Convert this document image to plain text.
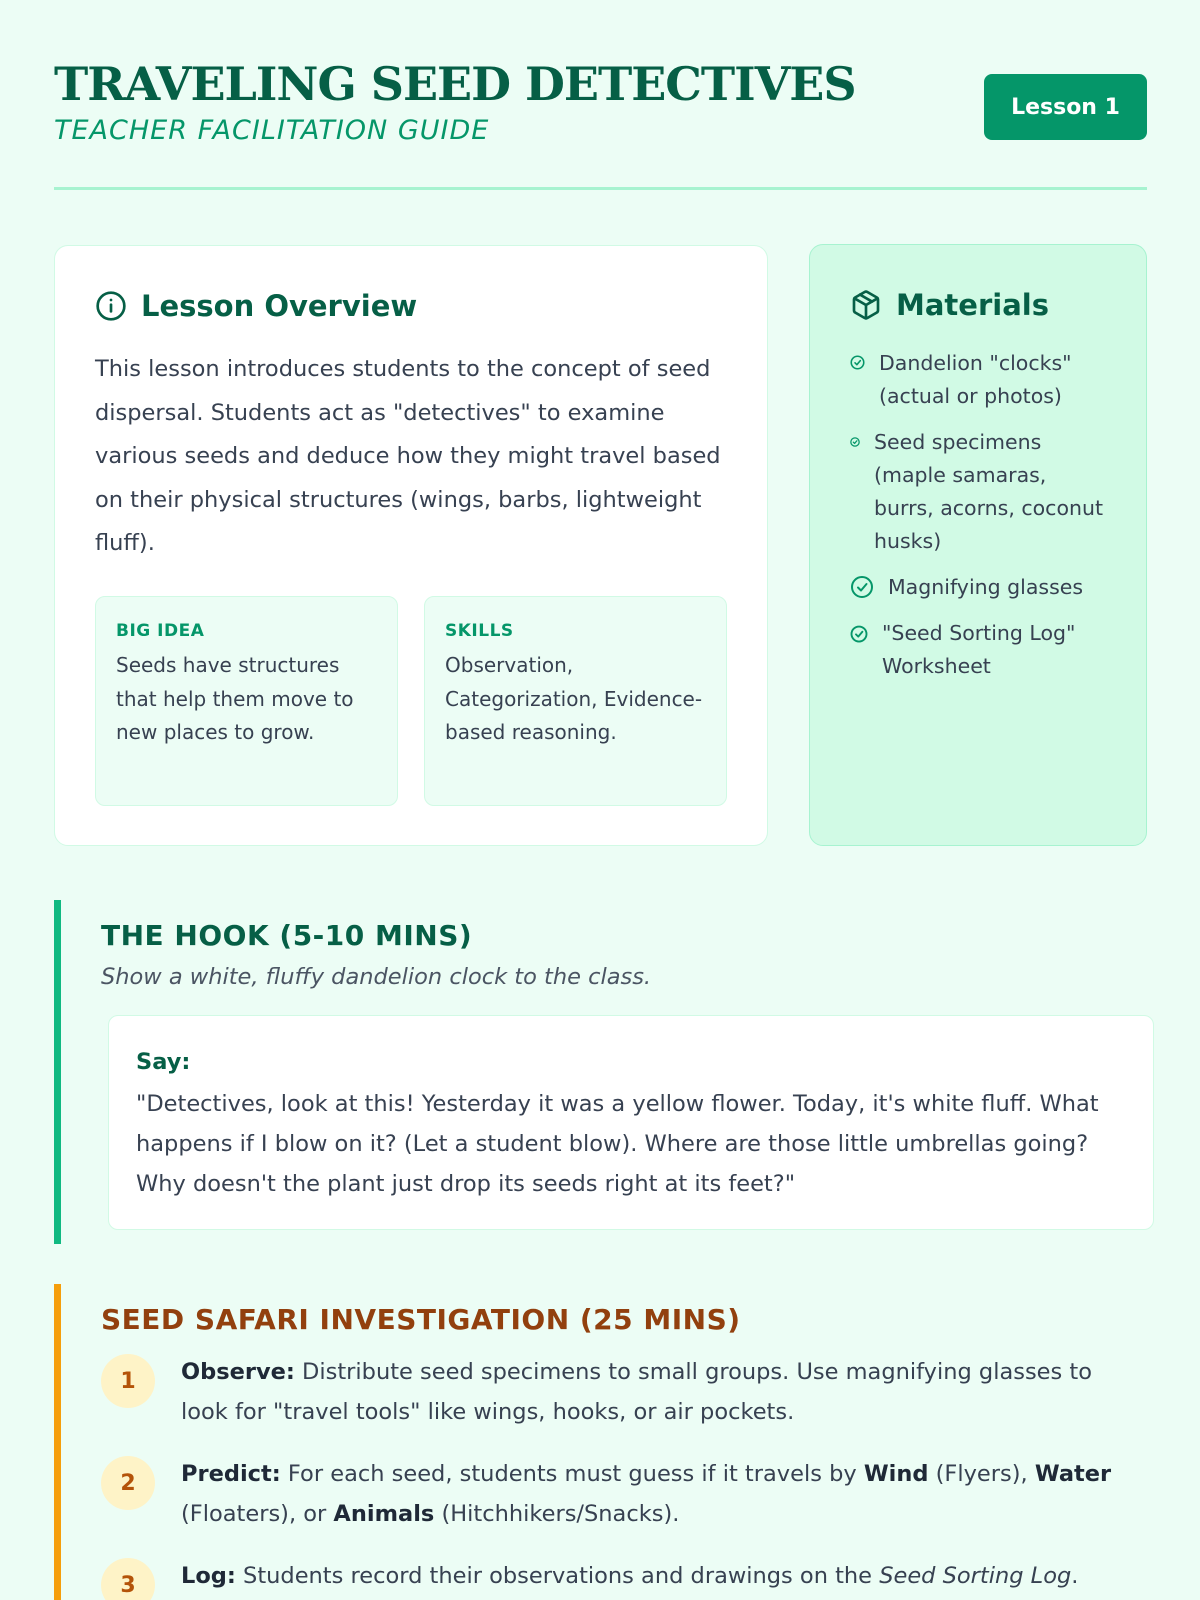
TRAVELING SEED DETECTIVES
TEACHER FACILITATION GUIDE
Lesson 1
Lesson Overview

This lesson introduces students to the concept of seed dispersal. Students act as "detectives" to examine various seeds and deduce how they might travel based on their physical structures (wings, barbs, lightweight fluff).

BIG IDEA
Seeds have structures that help them move to new places to grow.
SKILLS
Observation, Categorization, Evidence-based reasoning.
Materials
Dandelion "clocks" (actual or photos)
Seed specimens (maple samaras, burrs, acorns, coconut husks)
Magnifying glasses
"Seed Sorting Log" Worksheet
THE HOOK (5-10 MINS)
Show a white, fluffy dandelion clock to the class.
Say:
"Detectives, look at this! Yesterday it was a yellow flower. Today, it's white fluff. What happens if I blow on it? (Let a student blow). Where are those little umbrellas going? Why doesn't the plant just drop its seeds right at its feet?"
SEED SAFARI INVESTIGATION (25 MINS)
1	Observe: Distribute seed specimens to small groups. Use magnifying glasses to look for "travel tools" like wings, hooks, or air pockets.
2	Predict: For each seed, students must guess if it travels by Wind (Flyers), Water (Floaters), or Animals (Hitchhikers/Snacks).
3	Log: Students record their observations and drawings on the Seed Sorting Log.
